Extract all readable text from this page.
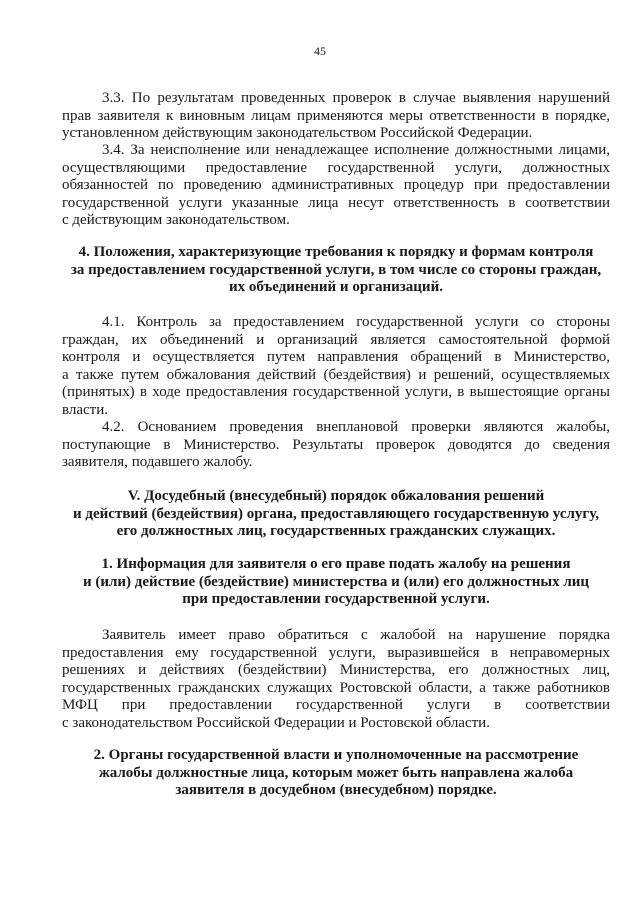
45
3.3. По результатам проведенных проверок в случае выявления нарушений
прав заявителя к виновным лицам применяются меры ответственности в порядке,
установленном действующим законодательством Российской Федерации.
3.4. За неисполнение или ненадлежащее исполнение должностными лицами,
осуществляющими предоставление государственной услуги, должностных
обязанностей по проведению административных процедур при предоставлении
государственной услуги указанные лица несут ответственность в соответствии
с действующим законодательством.
4. Положения, характеризующие требования к порядку и формам контроля
за предоставлением государственной услуги, в том числе со стороны граждан,
их объединений и организаций.
4.1. Контроль за предоставлением государственной услуги со стороны
граждан, их объединений и организаций является самостоятельной формой
контроля и осуществляется путем направления обращений в Министерство,
а также путем обжалования действий (бездействия) и решений, осуществляемых
(принятых) в ходе предоставления государственной услуги, в вышестоящие органы
власти.
4.2. Основанием проведения внеплановой проверки являются жалобы,
поступающие в Министерство. Результаты проверок доводятся до сведения
заявителя, подавшего жалобу.
V. Досудебный (внесудебный) порядок обжалования решений
и действий (бездействия) органа, предоставляющего государственную услугу,
его должностных лиц, государственных гражданских служащих.
1. Информация для заявителя о его праве подать жалобу на решения
и (или) действие (бездействие) министерства и (или) его должностных лиц
при предоставлении государственной услуги.
Заявитель имеет право обратиться с жалобой на нарушение порядка
предоставления ему государственной услуги, выразившейся в неправомерных
решениях и действиях (бездействии) Министерства, его должностных лиц,
государственных гражданских служащих Ростовской области, а также работников
МФЦ при предоставлении государственной услуги в соответствии
с законодательством Российской Федерации и Ростовской области.
2. Органы государственной власти и уполномоченные на рассмотрение
жалобы должностные лица, которым может быть направлена жалоба
заявителя в досудебном (внесудебном) порядке.
